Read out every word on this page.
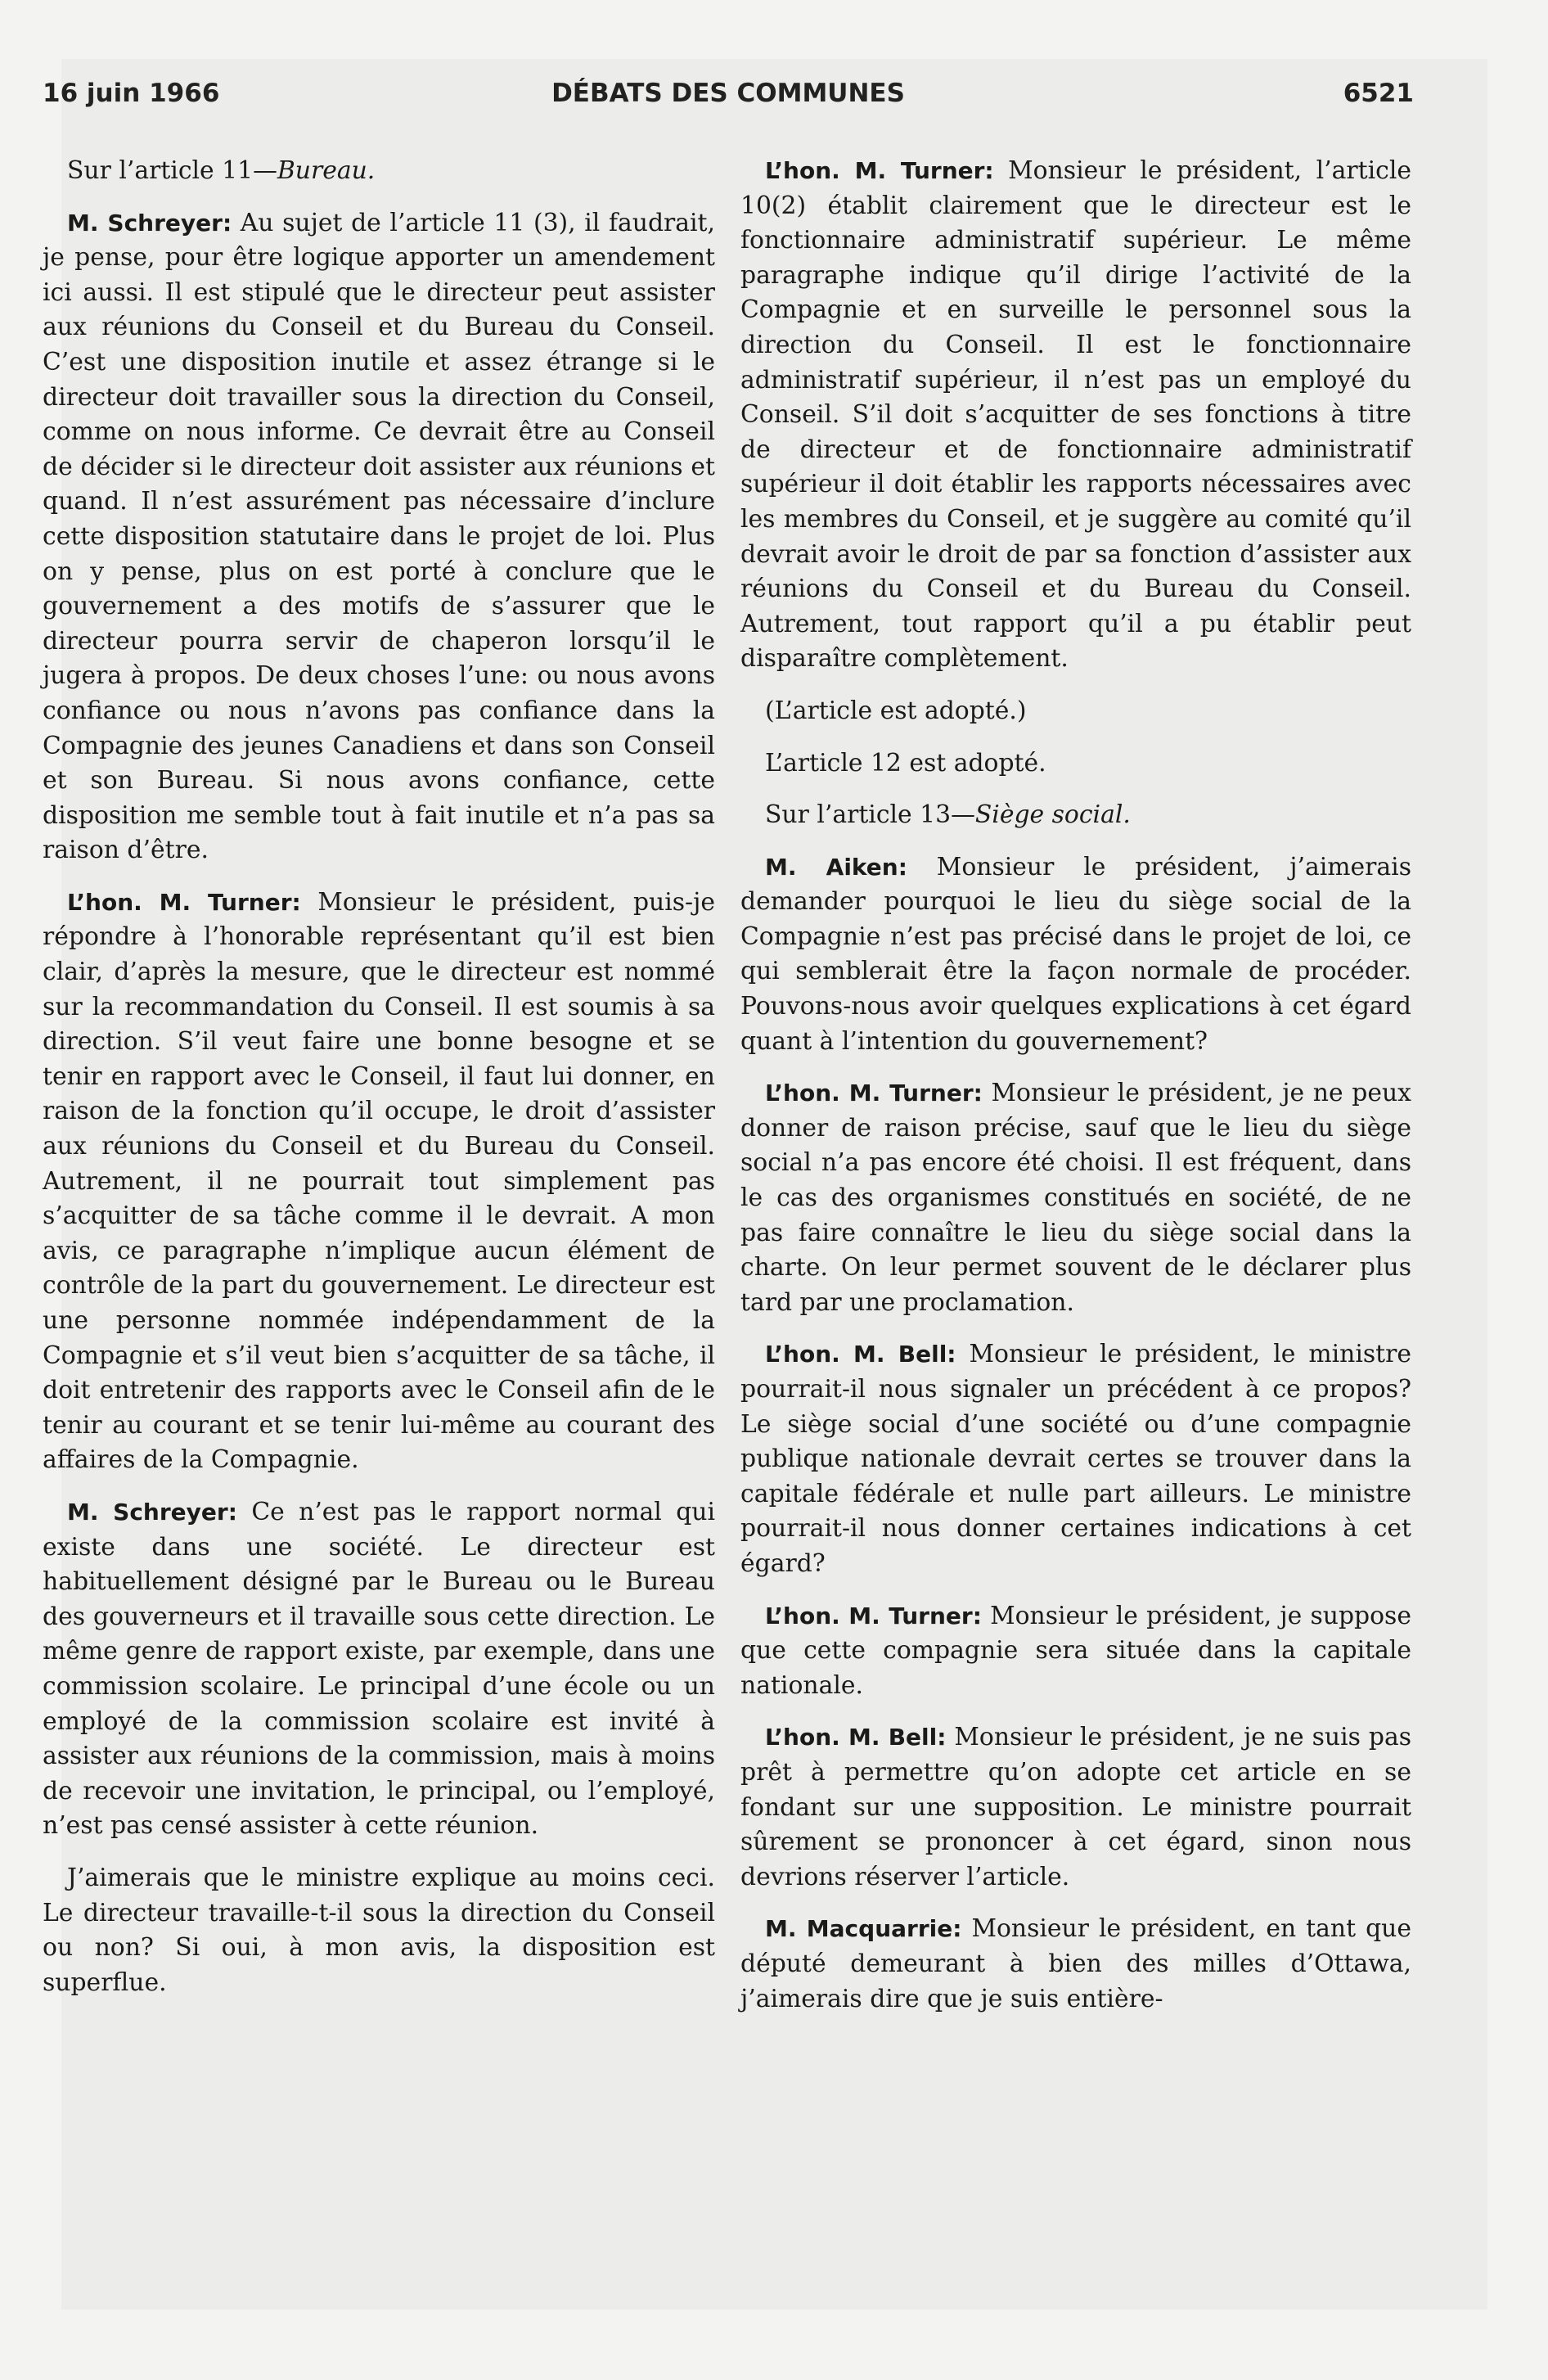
16 juin 1966	DÉBATS DES COMMUNES	6521

Sur l’article 11—Bureau.

M. Schreyer: Au sujet de l’article 11 (3), il faudrait, je pense, pour être logique apporter un amendement ici aussi. Il est stipulé que le directeur peut assister aux réunions du Conseil et du Bureau du Conseil. C’est une disposition inutile et assez étrange si le directeur doit travailler sous la direction du Conseil, comme on nous informe. Ce devrait être au Conseil de décider si le directeur doit assister aux réunions et quand. Il n’est assurément pas nécessaire d’inclure cette disposition statutaire dans le projet de loi. Plus on y pense, plus on est porté à conclure que le gouvernement a des motifs de s’assurer que le directeur pourra servir de chaperon lorsqu’il le jugera à propos. De deux choses l’une: ou nous avons confiance ou nous n’avons pas confiance dans la Compagnie des jeunes Canadiens et dans son Conseil et son Bureau. Si nous avons confiance, cette disposition me semble tout à fait inutile et n’a pas sa raison d’être.

L’hon. M. Turner: Monsieur le président, puis-je répondre à l’honorable représentant qu’il est bien clair, d’après la mesure, que le directeur est nommé sur la recommandation du Conseil. Il est soumis à sa direction. S’il veut faire une bonne besogne et se tenir en rapport avec le Conseil, il faut lui donner, en raison de la fonction qu’il occupe, le droit d’assister aux réunions du Conseil et du Bureau du Conseil. Autrement, il ne pourrait tout simplement pas s’acquitter de sa tâche comme il le devrait. A mon avis, ce paragraphe n’implique aucun élément de contrôle de la part du gouvernement. Le directeur est une personne nommée indépendamment de la Compagnie et s’il veut bien s’acquitter de sa tâche, il doit entretenir des rapports avec le Conseil afin de le tenir au courant et se tenir lui-même au courant des affaires de la Compagnie.

M. Schreyer: Ce n’est pas le rapport normal qui existe dans une société. Le directeur est habituellement désigné par le Bureau ou le Bureau des gouverneurs et il travaille sous cette direction. Le même genre de rapport existe, par exemple, dans une commission scolaire. Le principal d’une école ou un employé de la commission scolaire est invité à assister aux réunions de la commission, mais à moins de recevoir une invitation, le principal, ou l’employé, n’est pas censé assister à cette réunion.

J’aimerais que le ministre explique au moins ceci. Le directeur travaille-t-il sous la direction du Conseil ou non? Si oui, à mon avis, la disposition est superflue.

L’hon. M. Turner: Monsieur le président, l’article 10(2) établit clairement que le directeur est le fonctionnaire administratif supérieur. Le même paragraphe indique qu’il dirige l’activité de la Compagnie et en surveille le personnel sous la direction du Conseil. Il est le fonctionnaire administratif supérieur, il n’est pas un employé du Conseil. S’il doit s’acquitter de ses fonctions à titre de directeur et de fonctionnaire administratif supérieur il doit établir les rapports nécessaires avec les membres du Conseil, et je suggère au comité qu’il devrait avoir le droit de par sa fonction d’assister aux réunions du Conseil et du Bureau du Conseil. Autrement, tout rapport qu’il a pu établir peut disparaître complètement.

(L’article est adopté.)

L’article 12 est adopté.

Sur l’article 13—Siège social.

M. Aiken: Monsieur le président, j’aimerais demander pourquoi le lieu du siège social de la Compagnie n’est pas précisé dans le projet de loi, ce qui semblerait être la façon normale de procéder. Pouvons-nous avoir quelques explications à cet égard quant à l’intention du gouvernement?

L’hon. M. Turner: Monsieur le président, je ne peux donner de raison précise, sauf que le lieu du siège social n’a pas encore été choisi. Il est fréquent, dans le cas des organismes constitués en société, de ne pas faire connaître le lieu du siège social dans la charte. On leur permet souvent de le déclarer plus tard par une proclamation.

L’hon. M. Bell: Monsieur le président, le ministre pourrait-il nous signaler un précédent à ce propos? Le siège social d’une société ou d’une compagnie publique nationale devrait certes se trouver dans la capitale fédérale et nulle part ailleurs. Le ministre pourrait-il nous donner certaines indications à cet égard?

L’hon. M. Turner: Monsieur le président, je suppose que cette compagnie sera située dans la capitale nationale.

L’hon. M. Bell: Monsieur le président, je ne suis pas prêt à permettre qu’on adopte cet article en se fondant sur une supposition. Le ministre pourrait sûrement se prononcer à cet égard, sinon nous devrions réserver l’article.

M. Macquarrie: Monsieur le président, en tant que député demeurant à bien des milles d’Ottawa, j’aimerais dire que je suis entière-
